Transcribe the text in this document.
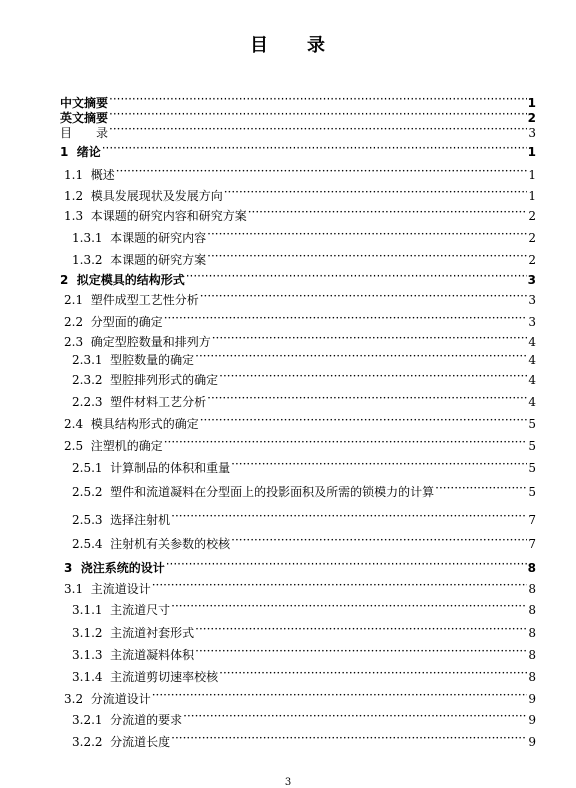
目　　录
中文摘要 ·····	1
英文摘要 ·····	2
目　　录 ·····	3
1  绪论 ·····	1
1.1  概述 ·····	1
1.2  模具发展现状及发展方向 ·····	1
1.3  本课题的研究内容和研究方案 ·····	2
1.3.1  本课题的研究内容 ·····	2
1.3.2  本课题的研究方案 ·····	2
2  拟定模具的结构形式 ·····	3
2.1  塑件成型工艺性分析 ·····	3
2.2  分型面的确定 ·····	3
2.3  确定型腔数量和排列方 ·····	4
2.3.1  型腔数量的确定 ·····	4
2.3.2  型腔排列形式的确定 ·····	4
2.2.3  塑件材料工艺分析 ·····	4
2.4  模具结构形式的确定 ·····	5
2.5  注塑机的确定 ·····	5
2.5.1  计算制品的体积和重量 ·····	5
2.5.2  塑件和流道凝料在分型面上的投影面积及所需的锁模力的计算 ·····	5
2.5.3  选择注射机 ·····	7
2.5.4  注射机有关参数的校核 ·····	7
3  浇注系统的设计 ·····	8
3.1  主流道设计 ·····	8
3.1.1  主流道尺寸 ·····	8
3.1.2  主流道衬套形式 ·····	8
3.1.3  主流道凝料体积 ·····	8
3.1.4  主流道剪切速率校核 ·····	8
3.2  分流道设计 ·····	9
3.2.1  分流道的要求 ·····	9
3.2.2  分流道长度 ·····	9
3
